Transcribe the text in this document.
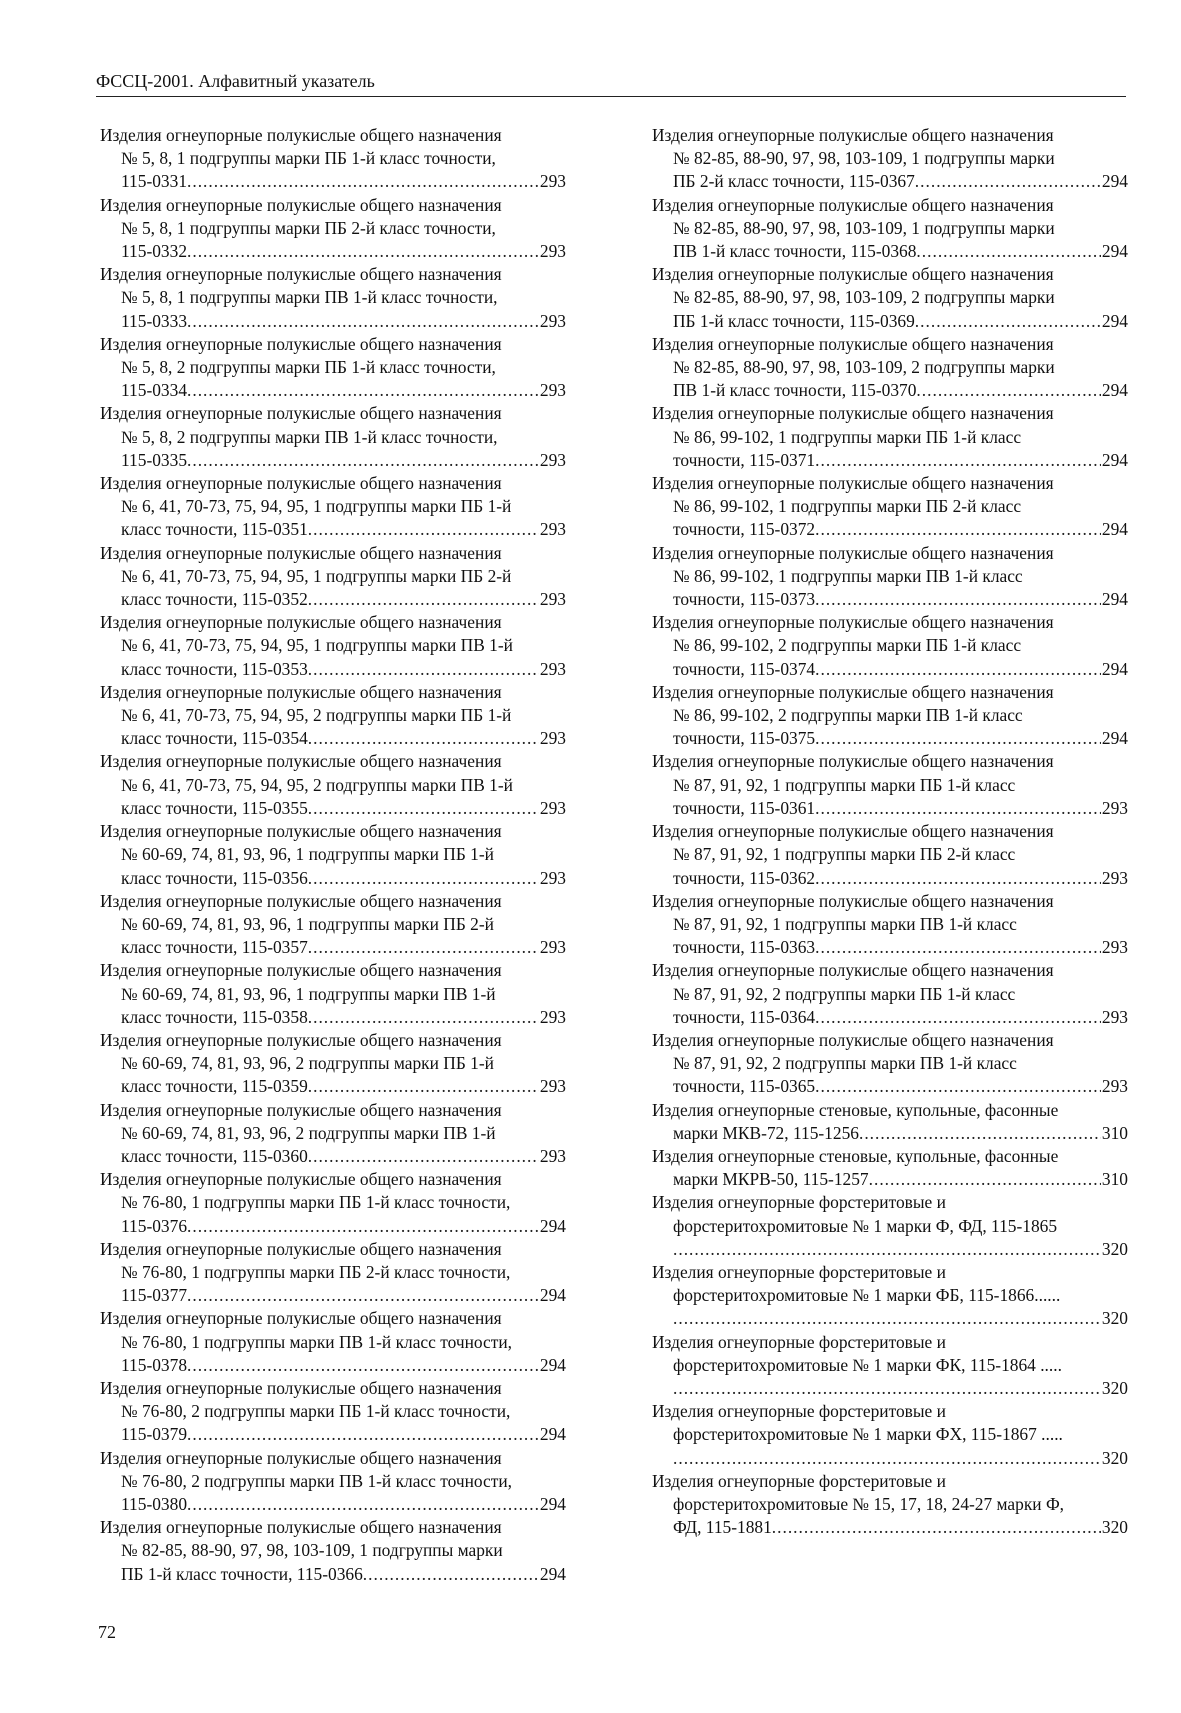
ФССЦ-2001. Алфавитный указатель
Изделия огнеупорные полукислые общего назначения
№ 5, 8, 1 подгруппы марки ПБ 1-й класс точности,
115-0331 .....	293
Изделия огнеупорные полукислые общего назначения
№ 5, 8, 1 подгруппы марки ПБ 2-й класс точности,
115-0332 .....	293
Изделия огнеупорные полукислые общего назначения
№ 5, 8, 1 подгруппы марки ПВ 1-й класс точности,
115-0333 .....	293
Изделия огнеупорные полукислые общего назначения
№ 5, 8, 2 подгруппы марки ПБ 1-й класс точности,
115-0334 .....	293
Изделия огнеупорные полукислые общего назначения
№ 5, 8, 2 подгруппы марки ПВ 1-й класс точности,
115-0335 .....	293
Изделия огнеупорные полукислые общего назначения
№ 6, 41, 70-73, 75, 94, 95, 1 подгруппы марки ПБ 1-й
класс точности, 115-0351 .....	293
Изделия огнеупорные полукислые общего назначения
№ 6, 41, 70-73, 75, 94, 95, 1 подгруппы марки ПБ 2-й
класс точности, 115-0352 .....	293
Изделия огнеупорные полукислые общего назначения
№ 6, 41, 70-73, 75, 94, 95, 1 подгруппы марки ПВ 1-й
класс точности, 115-0353 .....	293
Изделия огнеупорные полукислые общего назначения
№ 6, 41, 70-73, 75, 94, 95, 2 подгруппы марки ПБ 1-й
класс точности, 115-0354 .....	293
Изделия огнеупорные полукислые общего назначения
№ 6, 41, 70-73, 75, 94, 95, 2 подгруппы марки ПВ 1-й
класс точности, 115-0355 .....	293
Изделия огнеупорные полукислые общего назначения
№ 60-69, 74, 81, 93, 96, 1 подгруппы марки ПБ 1-й
класс точности, 115-0356 .....	293
Изделия огнеупорные полукислые общего назначения
№ 60-69, 74, 81, 93, 96, 1 подгруппы марки ПБ 2-й
класс точности, 115-0357 .....	293
Изделия огнеупорные полукислые общего назначения
№ 60-69, 74, 81, 93, 96, 1 подгруппы марки ПВ 1-й
класс точности, 115-0358 .....	293
Изделия огнеупорные полукислые общего назначения
№ 60-69, 74, 81, 93, 96, 2 подгруппы марки ПБ 1-й
класс точности, 115-0359 .....	293
Изделия огнеупорные полукислые общего назначения
№ 60-69, 74, 81, 93, 96, 2 подгруппы марки ПВ 1-й
класс точности, 115-0360 .....	293
Изделия огнеупорные полукислые общего назначения
№ 76-80, 1 подгруппы марки ПБ 1-й класс точности,
115-0376 .....	294
Изделия огнеупорные полукислые общего назначения
№ 76-80, 1 подгруппы марки ПБ 2-й класс точности,
115-0377 .....	294
Изделия огнеупорные полукислые общего назначения
№ 76-80, 1 подгруппы марки ПВ 1-й класс точности,
115-0378 .....	294
Изделия огнеупорные полукислые общего назначения
№ 76-80, 2 подгруппы марки ПБ 1-й класс точности,
115-0379 .....	294
Изделия огнеупорные полукислые общего назначения
№ 76-80, 2 подгруппы марки ПВ 1-й класс точности,
115-0380 .....	294
Изделия огнеупорные полукислые общего назначения
№ 82-85, 88-90, 97, 98, 103-109, 1 подгруппы марки
ПБ 1-й класс точности, 115-0366 .....	294
Изделия огнеупорные полукислые общего назначения
№ 82-85, 88-90, 97, 98, 103-109, 1 подгруппы марки
ПБ 2-й класс точности, 115-0367 .....	294
Изделия огнеупорные полукислые общего назначения
№ 82-85, 88-90, 97, 98, 103-109, 1 подгруппы марки
ПВ 1-й класс точности, 115-0368 .....	294
Изделия огнеупорные полукислые общего назначения
№ 82-85, 88-90, 97, 98, 103-109, 2 подгруппы марки
ПБ 1-й класс точности, 115-0369 .....	294
Изделия огнеупорные полукислые общего назначения
№ 82-85, 88-90, 97, 98, 103-109, 2 подгруппы марки
ПВ 1-й класс точности, 115-0370 .....	294
Изделия огнеупорные полукислые общего назначения
№ 86, 99-102, 1 подгруппы марки ПБ 1-й класс
точности, 115-0371 .....	294
Изделия огнеупорные полукислые общего назначения
№ 86, 99-102, 1 подгруппы марки ПБ 2-й класс
точности, 115-0372 .....	294
Изделия огнеупорные полукислые общего назначения
№ 86, 99-102, 1 подгруппы марки ПВ 1-й класс
точности, 115-0373 .....	294
Изделия огнеупорные полукислые общего назначения
№ 86, 99-102, 2 подгруппы марки ПБ 1-й класс
точности, 115-0374 .....	294
Изделия огнеупорные полукислые общего назначения
№ 86, 99-102, 2 подгруппы марки ПВ 1-й класс
точности, 115-0375 .....	294
Изделия огнеупорные полукислые общего назначения
№ 87, 91, 92, 1 подгруппы марки ПБ 1-й класс
точности, 115-0361 .....	293
Изделия огнеупорные полукислые общего назначения
№ 87, 91, 92, 1 подгруппы марки ПБ 2-й класс
точности, 115-0362 .....	293
Изделия огнеупорные полукислые общего назначения
№ 87, 91, 92, 1 подгруппы марки ПВ 1-й класс
точности, 115-0363 .....	293
Изделия огнеупорные полукислые общего назначения
№ 87, 91, 92, 2 подгруппы марки ПБ 1-й класс
точности, 115-0364 .....	293
Изделия огнеупорные полукислые общего назначения
№ 87, 91, 92, 2 подгруппы марки ПВ 1-й класс
точности, 115-0365 .....	293
Изделия огнеупорные стеновые, купольные, фасонные
марки МКВ-72, 115-1256 .....	310
Изделия огнеупорные стеновые, купольные, фасонные
марки МКРВ-50, 115-1257 .....	310
Изделия огнеупорные форстеритовые и
форстеритохромитовые № 1 марки Ф, ФД, 115-1865
.....
320
Изделия огнеупорные форстеритовые и
форстеритохромитовые № 1 марки ФБ, 115-1866......
.....
320
Изделия огнеупорные форстеритовые и
форстеритохромитовые № 1 марки ФК, 115-1864 .....
.....
320
Изделия огнеупорные форстеритовые и
форстеритохромитовые № 1 марки ФХ, 115-1867 .....
.....
320
Изделия огнеупорные форстеритовые и
форстеритохромитовые № 15, 17, 18, 24-27 марки Ф,
ФД, 115-1881 .....	320
72
